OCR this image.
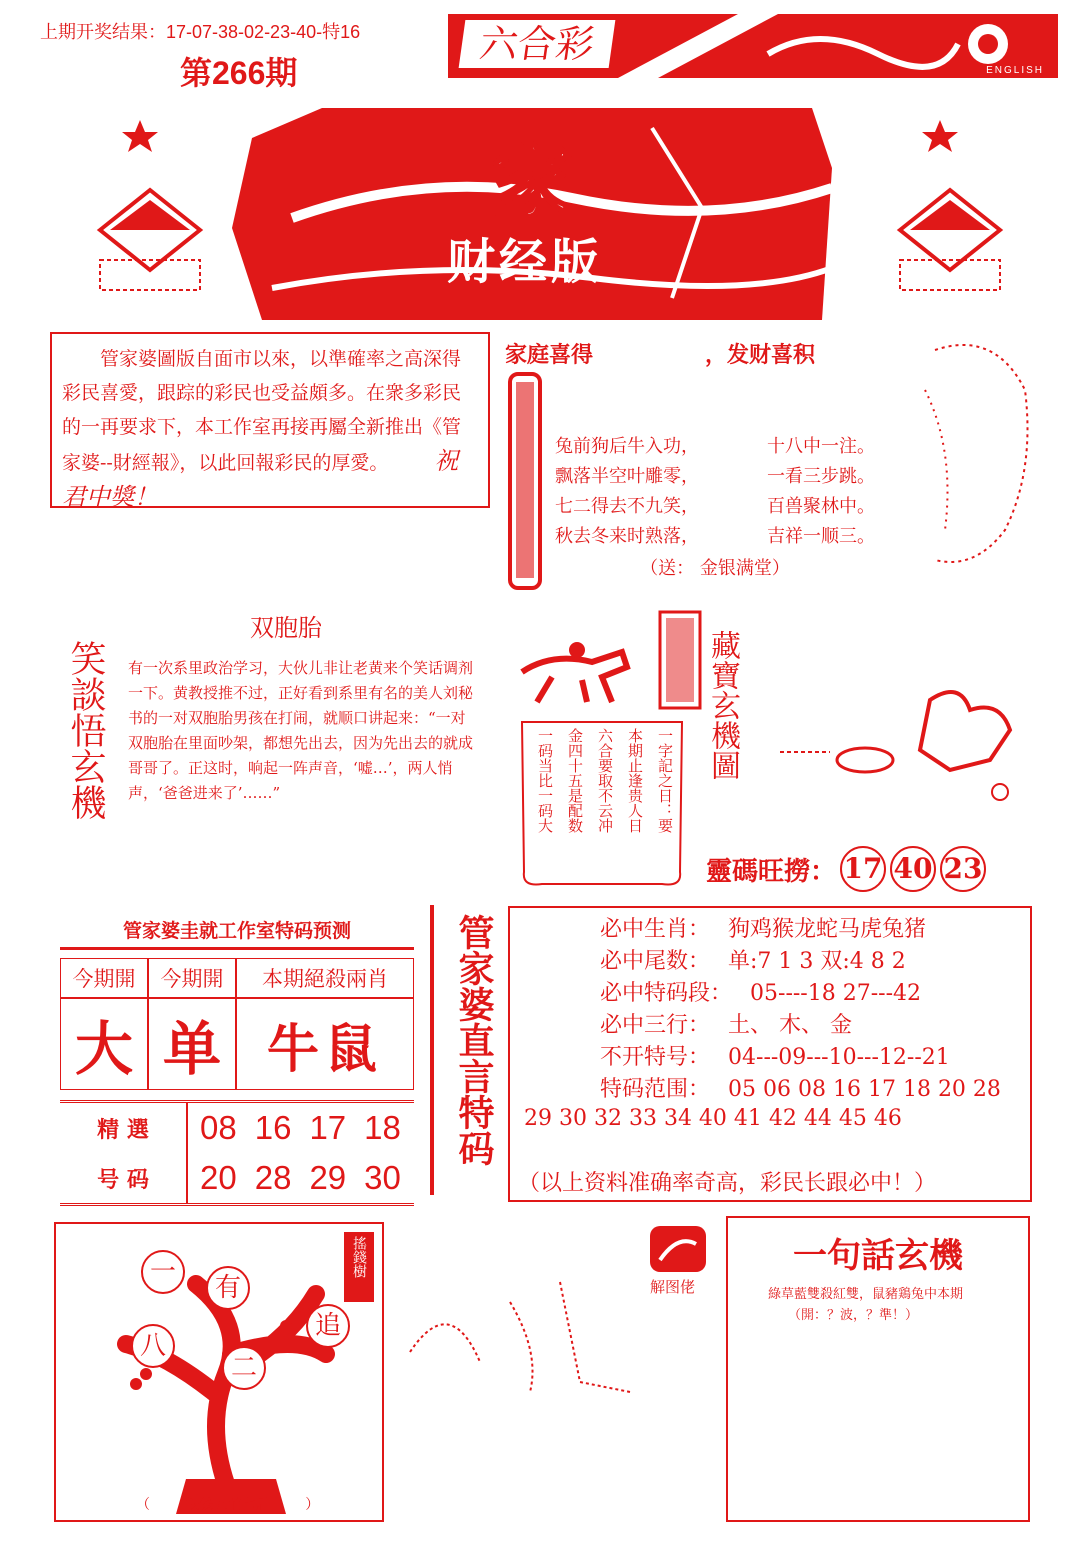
上期开奖结果：17-07-38-02-23-40-特16
第266期
六合彩
ENGLISH
家
财经版
管家婆圖版自面市以來，以準確率之高深得彩民喜愛，跟踪的彩民也受益頗多。在衆多彩民的一再要求下，本工作室再接再屬全新推出《管家婆--財經報》，以此回報彩民的厚愛。 祝君中獎！
家庭喜得	，发财喜积
兔前狗后牛入功，	十八中一注。
飘落半空叶雕零，	一看三步跳。
七二得去不九笑，	百兽聚林中。
秋去冬来时熟落，	吉祥一顺三。
（送： 金银满堂）
双胞胎
笑談悟玄機 有一次系里政治学习，大伙儿非让老黄来个笑话调剂一下。黄教授推不过，正好看到系里有名的美人刘秘书的一对双胞胎男孩在打闹，就顺口讲起来：“一对双胞胎在里面吵架，都想先出去，因为先出去的就成哥哥了。正这时，响起一阵声音，‘嘘…’，两人悄声，‘爸爸进来了’……”
藏寶玄機圖
一字記之日：要
本期止逢贵人日
六合要取不云冲
金四十五是配数
一码当比一码大
靈碼旺撈： 17 40 23
管家婆圭就工作室特码预测
今期開	今期開	本期絕殺兩肖
大 单 牛鼠
精 選
号 码
08 16 17 18
20 28 29 30
管家婆直言特码	必中生肖： 狗鸡猴龙蛇马虎兔猪
必中尾数： 单:7 1 3 双:4 8 2
必中特码段： 05----18 27---42
必中三行： 土、 木、 金
不开特号： 04---09---10---12--21
特码范围： 05 06 08 16 17 18 20 28
29 30 32 33 34 40 41 42 44 45 46
（以上资料准确率奇高，彩民长跟必中！）
搖錢樹
一
有
追
八
二
（        缺钱五前七后        ）
解图佬
一句話玄機
綠草藍雙殺紅雙，鼠豬鶏兔中本期
（開：？波，？準！）
